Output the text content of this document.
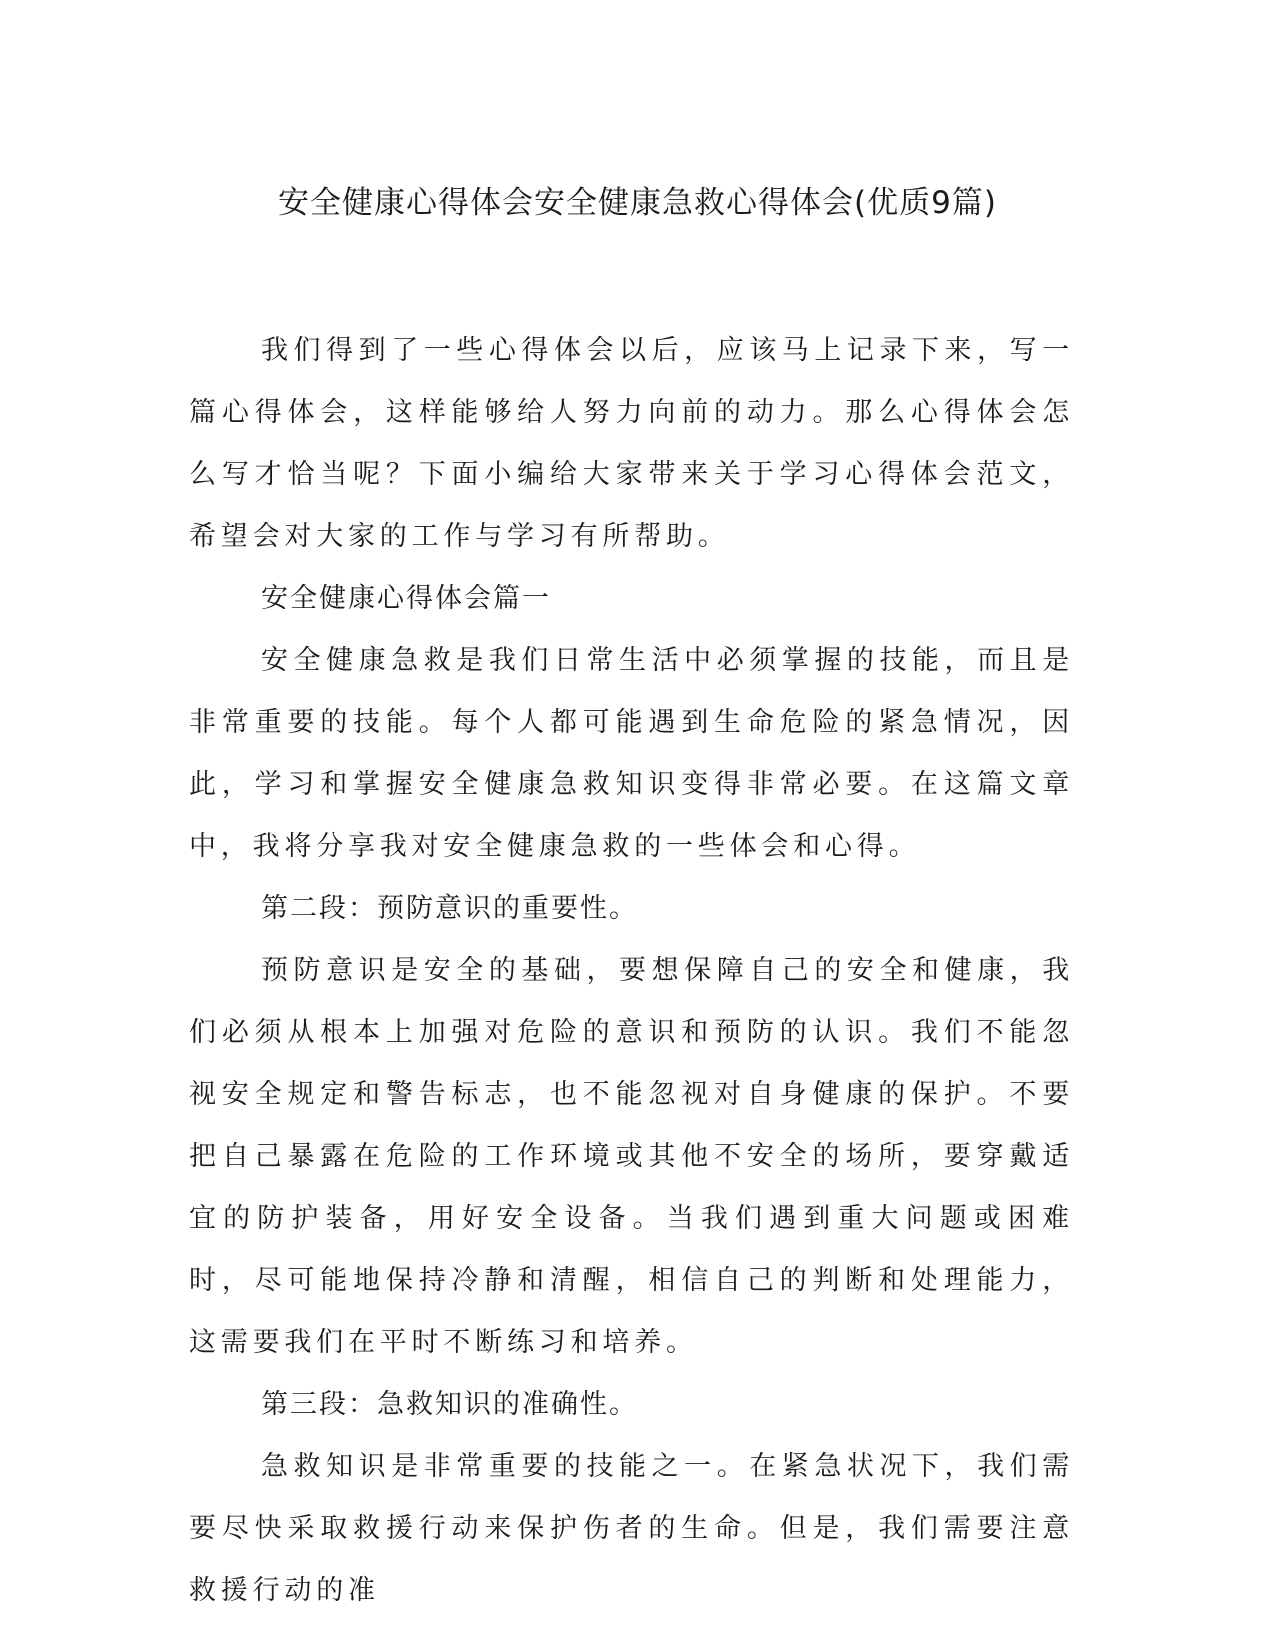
安全健康心得体会安全健康急救心得体会(优质9篇)

我们得到了一些心得体会以后，应该马上记录下来，写一篇心得体会，这样能够给人努力向前的动力。那么心得体会怎么写才恰当呢？下面小编给大家带来关于学习心得体会范文，希望会对大家的工作与学习有所帮助。

安全健康心得体会篇一

安全健康急救是我们日常生活中必须掌握的技能，而且是非常重要的技能。每个人都可能遇到生命危险的紧急情况，因此，学习和掌握安全健康急救知识变得非常必要。在这篇文章中，我将分享我对安全健康急救的一些体会和心得。

第二段：预防意识的重要性。

预防意识是安全的基础，要想保障自己的安全和健康，我们必须从根本上加强对危险的意识和预防的认识。我们不能忽视安全规定和警告标志，也不能忽视对自身健康的保护。不要把自己暴露在危险的工作环境或其他不安全的场所，要穿戴适宜的防护装备，用好安全设备。当我们遇到重大问题或困难时，尽可能地保持冷静和清醒，相信自己的判断和处理能力，这需要我们在平时不断练习和培养。

第三段：急救知识的准确性。

急救知识是非常重要的技能之一。在紧急状况下，我们需要尽快采取救援行动来保护伤者的生命。但是，我们需要注意救援行动的准
